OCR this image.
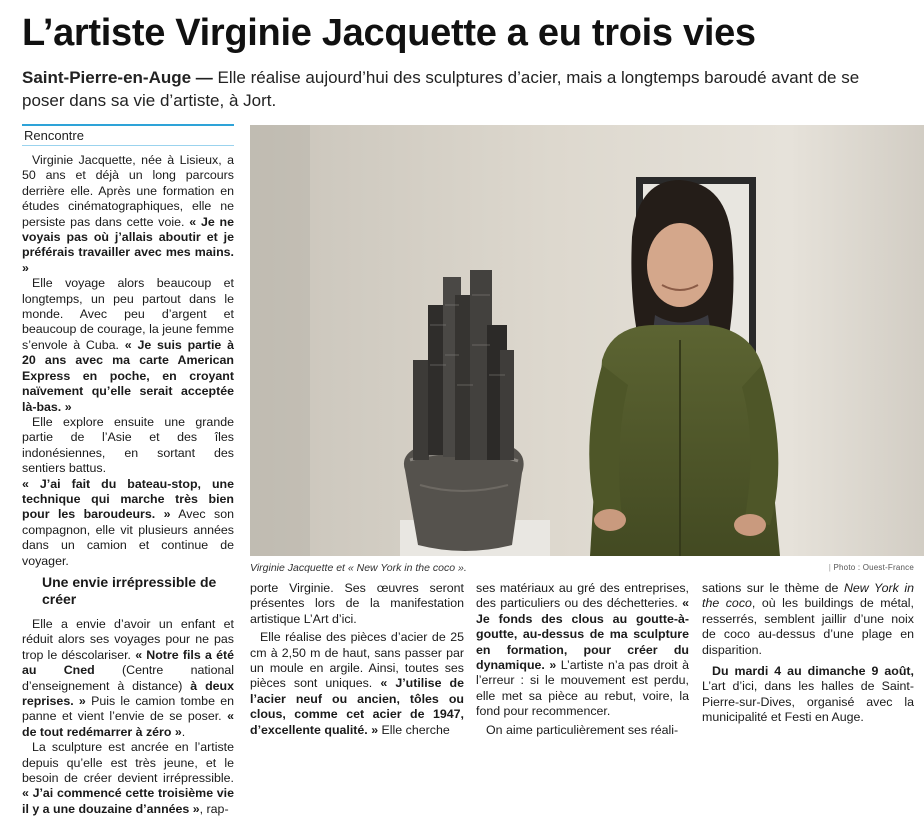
L’artiste Virginie Jacquette a eu trois vies

Saint-Pierre-en-Auge — Elle réalise aujourd’hui des sculptures d’acier, mais a longtemps baroudé avant de se poser dans sa vie d’artiste, à Jort.

Rencontre

Virginie Jacquette, née à Lisieux, a 50 ans et déjà un long parcours derrière elle. Après une formation en études cinématographiques, elle ne persiste pas dans cette voie. « Je ne voyais pas où j’allais aboutir et je préférais travailler avec mes mains. »

Elle voyage alors beaucoup et longtemps, un peu partout dans le monde. Avec peu d’argent et beaucoup de courage, la jeune femme s’envole à Cuba. « Je suis partie à 20 ans avec ma carte American Express en poche, en croyant naïvement qu’elle serait acceptée là-bas. »

Elle explore ensuite une grande partie de l’Asie et des îles indonésiennes, en sortant des sentiers battus.

« J’ai fait du bateau-stop, une technique qui marche très bien pour les baroudeurs. » Avec son compagnon, elle vit plusieurs années dans un camion et continue de voyager.

Une envie irrépressible de créer

Elle a envie d’avoir un enfant et réduit alors ses voyages pour ne pas trop le déscolariser. « Notre fils a été au Cned (Centre national d’enseignement à distance) à deux reprises. » Puis le camion tombe en panne et vient l’envie de se poser. « de tout redémarrer à zéro ».

La sculpture est ancrée en l’artiste depuis qu’elle est très jeune, et le besoin de créer devient irrépressible. « J’ai commencé cette troisième vie il y a une douzaine d’années », rap-

Virginie Jacquette et « New York in the coco ».	| Photo : Ouest-France

porte Virginie. Ses œuvres seront présentes lors de la manifestation artistique L’Art d’ici.

Elle réalise des pièces d’acier de 25 cm à 2,50 m de haut, sans passer par un moule en argile. Ainsi, toutes ses pièces sont uniques. « J’utilise de l’acier neuf ou ancien, tôles ou clous, comme cet acier de 1947, d’excellente qualité. » Elle cherche

ses matériaux au gré des entreprises, des particuliers ou des déchetteries. « Je fonds des clous au goutte-à-goutte, au-dessus de ma sculpture en formation, pour créer du dynamique. » L’artiste n’a pas droit à l’erreur : si le mouvement est perdu, elle met sa pièce au rebut, voire, la fond pour recommencer.

On aime particulièrement ses réali-

sations sur le thème de New York in the coco, où les buildings de métal, resserrés, semblent jaillir d’une noix de coco au-dessus d’une plage en disparition.

Du mardi 4 au dimanche 9 août, L’art d’ici, dans les halles de Saint-Pierre-sur-Dives, organisé avec la municipalité et Festi en Auge.
